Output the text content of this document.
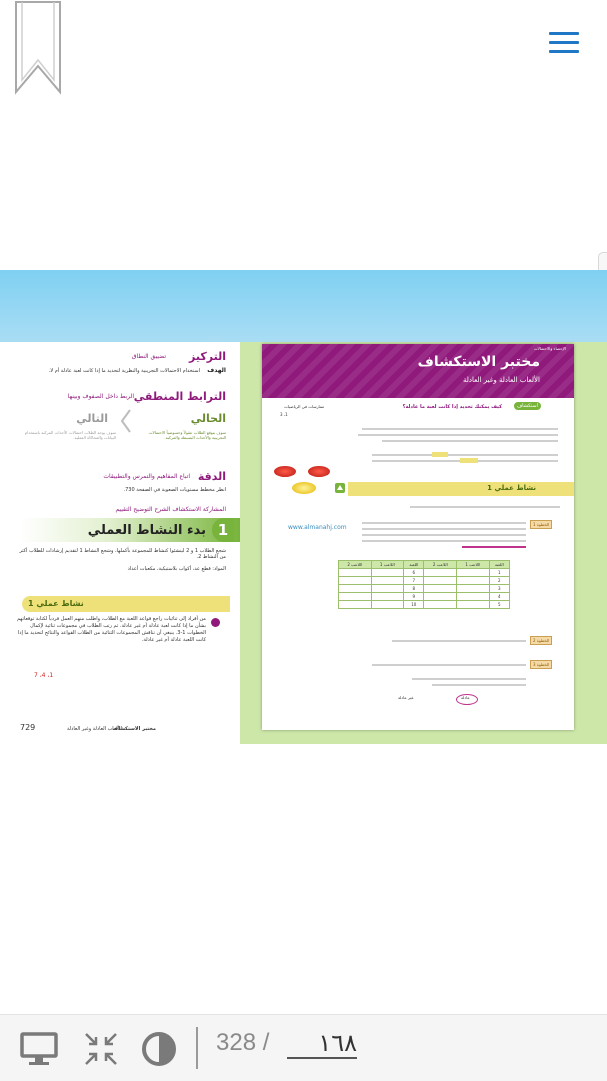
التركيز
تضييق النطاق
الهدف
استخدام الاحتمالات التجريبية والنظرية لتحديد ما إذا كانت لعبة عادلة أم لا.
الترابط المنطقي
الربط داخل الصفوف وبينها
الحالي
التالي
سوف يتوقع الطلاب عقولاً وحسوصياً الاحتمالات التجريبية والأحداث البسيطة والمركبة.
سوف يوجه الطلاب احتمالات الأحداث المركبة باستخدام البيانات والمحاكاة العملية.
الدقة
اتباع المفاهيم والتمرس والتطبيقات
انظر مخطط مستويات الصعوبة في الصفحة 730.
المشاركة الاستكشاف الشرح التوضيح التقييم
1
بدء النشاط العملي
شجع الطلاب 1 و 2 لينشئوا كنشاط للمجموعة بأكملها، وشجع النشاط 1 لتقديم إرشادات للطلاب أكثر من النشاط 2.
المواد: قطع عد، أكواب بلاستيكية، مكعبات أعداد
نشاط عملي 1
من أفراد إلى ثنائيات راجع قواعد اللعبة مع الطلاب، واطلب منهم العمل فردياً لكتابة توقعاتهم بشأن ما إذا كانت لعبة عادلة أم غير عادلة. ثم رتب الطلاب في مجموعات ثنائية لإكمال الخطوات 1-3. ينبغي أن تناقش المجموعات الثنائية من الطلاب القواعد والنتائج لتحديد ما إذا كانت اللعبة عادلة أم غير عادلة.
1، 4، 7
مختبر الاستكشاف
الألعاب العادلة وغير العادلة
729
الإحصاء والاحتمالات
مختبر الاستكشاف
الألعاب العادلة وغير العادلة
استكشاف
كيف يمكنك تحديد إذا كانت لعبة ما عادلة؟
ممارسات في الرياضيات
1، 3
نشاط عملي 1
الخطوة 1
www.almanahj.com
اللاعب 2	اللاعب 1	اللعبة	اللاعب 2	اللاعب 1	اللعبة
		6			1
		7			2
		8			3
		9			4
		10			5
الخطوة 2
الخطوة 3
عادلة
غير عادلة
328 /
١٦٨
